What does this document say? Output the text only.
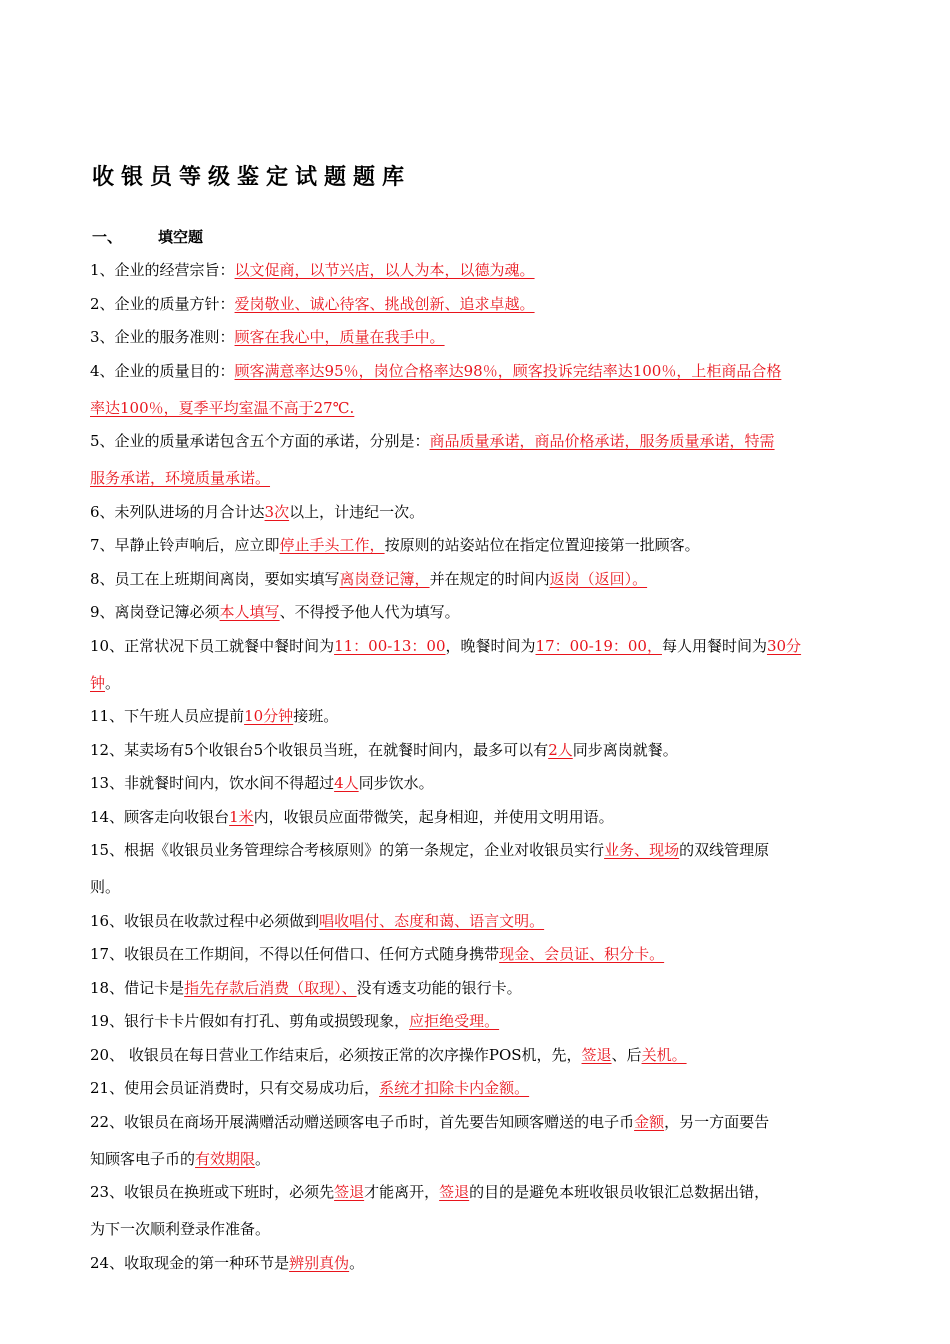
收银员等级鉴定试题题库
一、 填空题
1、企业的经营宗旨：以文促商，以节兴店，以人为本，以德为魂。
2、企业的质量方针：爱岗敬业、诚心待客、挑战创新、追求卓越。
3、企业的服务准则：顾客在我心中，质量在我手中。
4、企业的质量目的：顾客满意率达95％，岗位合格率达98％，顾客投诉完结率达100％，上柜商品合格
率达100％，夏季平均室温不高于27℃.
5、企业的质量承诺包含五个方面的承诺，分别是：商品质量承诺，商品价格承诺，服务质量承诺，特需
服务承诺，环境质量承诺。
6、未列队进场的月合计达3次以上，计违纪一次。
7、早静止铃声响后，应立即停止手头工作，按原则的站姿站位在指定位置迎接第一批顾客。
8、员工在上班期间离岗，要如实填写离岗登记簿，并在规定的时间内返岗（返回）。
9、离岗登记簿必须本人填写、不得授予他人代为填写。
10、正常状况下员工就餐中餐时间为11：00-13：00，晚餐时间为17：00-19：00，每人用餐时间为30分
钟。
11、下午班人员应提前10分钟接班。
12、某卖场有5个收银台5个收银员当班，在就餐时间内，最多可以有2人同步离岗就餐。
13、非就餐时间内，饮水间不得超过4人同步饮水。
14、顾客走向收银台1米内，收银员应面带微笑，起身相迎，并使用文明用语。
15、根据《收银员业务管理综合考核原则》的第一条规定，企业对收银员实行业务、现场的双线管理原
则。
16、收银员在收款过程中必须做到唱收唱付、态度和蔼、语言文明。
17、收银员在工作期间，不得以任何借口、任何方式随身携带现金、会员证、积分卡。
18、借记卡是指先存款后消费（取现）、没有透支功能的银行卡。
19、银行卡卡片假如有打孔、剪角或损毁现象，应拒绝受理。
20、 收银员在每日营业工作结束后，必须按正常的次序操作POS机，先，签退、后关机。
21、使用会员证消费时，只有交易成功后，系统才扣除卡内金额。
22、收银员在商场开展满赠活动赠送顾客电子币时，首先要告知顾客赠送的电子币金额，另一方面要告
知顾客电子币的有效期限。
23、收银员在换班或下班时，必须先签退才能离开，签退的目的是避免本班收银员收银汇总数据出错，
为下一次顺利登录作准备。
24、收取现金的第一种环节是辨别真伪。
